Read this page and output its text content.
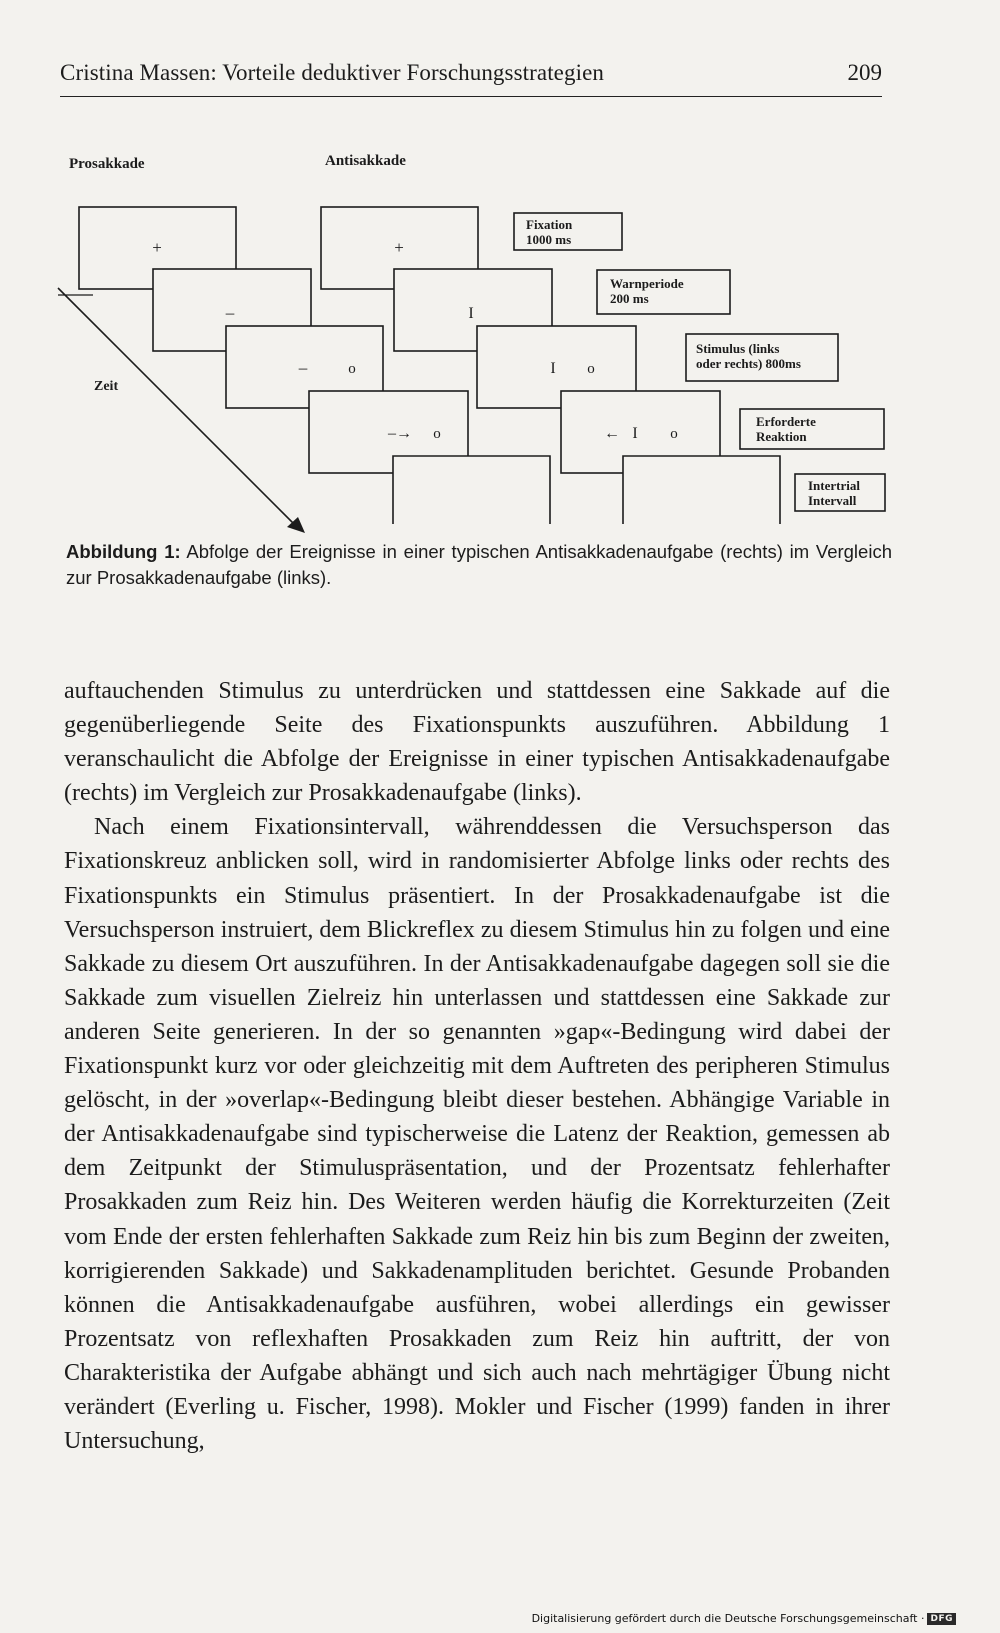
Cristina Massen: Vorteile deduktiver Forschungsstrategien	209
Prosakkade	Antisakkade
Zeit
+	+
–	I
–	o	I o
–→ o	← I o
Fixation 1000 ms
Warnperiode 200 ms
Stimulus (links oder rechts) 800ms
Erforderte Reaktion
Intertrial Intervall
Abbildung 1: Abfolge der Ereignisse in einer typischen Antisakkadenaufgabe (rechts) im Vergleich zur Prosakkadenaufgabe (links).

auftauchenden Stimulus zu unterdrücken und stattdessen eine Sakkade auf die gegenüberliegende Seite des Fixationspunkts auszuführen. Abbildung 1 veranschaulicht die Abfolge der Ereignisse in einer typischen Antisakkadenaufgabe (rechts) im Vergleich zur Prosakkadenaufgabe (links).

Nach einem Fixationsintervall, währenddessen die Versuchsperson das Fixationskreuz anblicken soll, wird in randomisierter Abfolge links oder rechts des Fixationspunkts ein Stimulus präsentiert. In der Prosakkadenaufgabe ist die Versuchsperson instruiert, dem Blickreflex zu diesem Stimulus hin zu folgen und eine Sakkade zu diesem Ort auszuführen. In der Antisakkadenaufgabe dagegen soll sie die Sakkade zum visuellen Zielreiz hin unterlassen und stattdessen eine Sakkade zur anderen Seite generieren. In der so genannten »gap«-Bedingung wird dabei der Fixationspunkt kurz vor oder gleichzeitig mit dem Auftreten des peripheren Stimulus gelöscht, in der »overlap«-Bedingung bleibt dieser bestehen. Abhängige Variable in der Antisakkadenaufgabe sind typischerweise die Latenz der Reaktion, gemessen ab dem Zeitpunkt der Stimuluspräsentation, und der Prozentsatz fehlerhafter Prosakkaden zum Reiz hin. Des Weiteren werden häufig die Korrekturzeiten (Zeit vom Ende der ersten fehlerhaften Sakkade zum Reiz hin bis zum Beginn der zweiten, korrigierenden Sakkade) und Sakkadenamplituden berichtet. Gesunde Probanden können die Antisakkadenaufgabe ausführen, wobei allerdings ein gewisser Prozentsatz von reflexhaften Prosakkaden zum Reiz hin auftritt, der von Charakteristika der Aufgabe abhängt und sich auch nach mehrtägiger Übung nicht verändert (Everling u. Fischer, 1998). Mokler und Fischer (1999) fanden in ihrer Untersuchung,

Digitalisierung gefördert durch die Deutsche Forschungsgemeinschaft · DFG
